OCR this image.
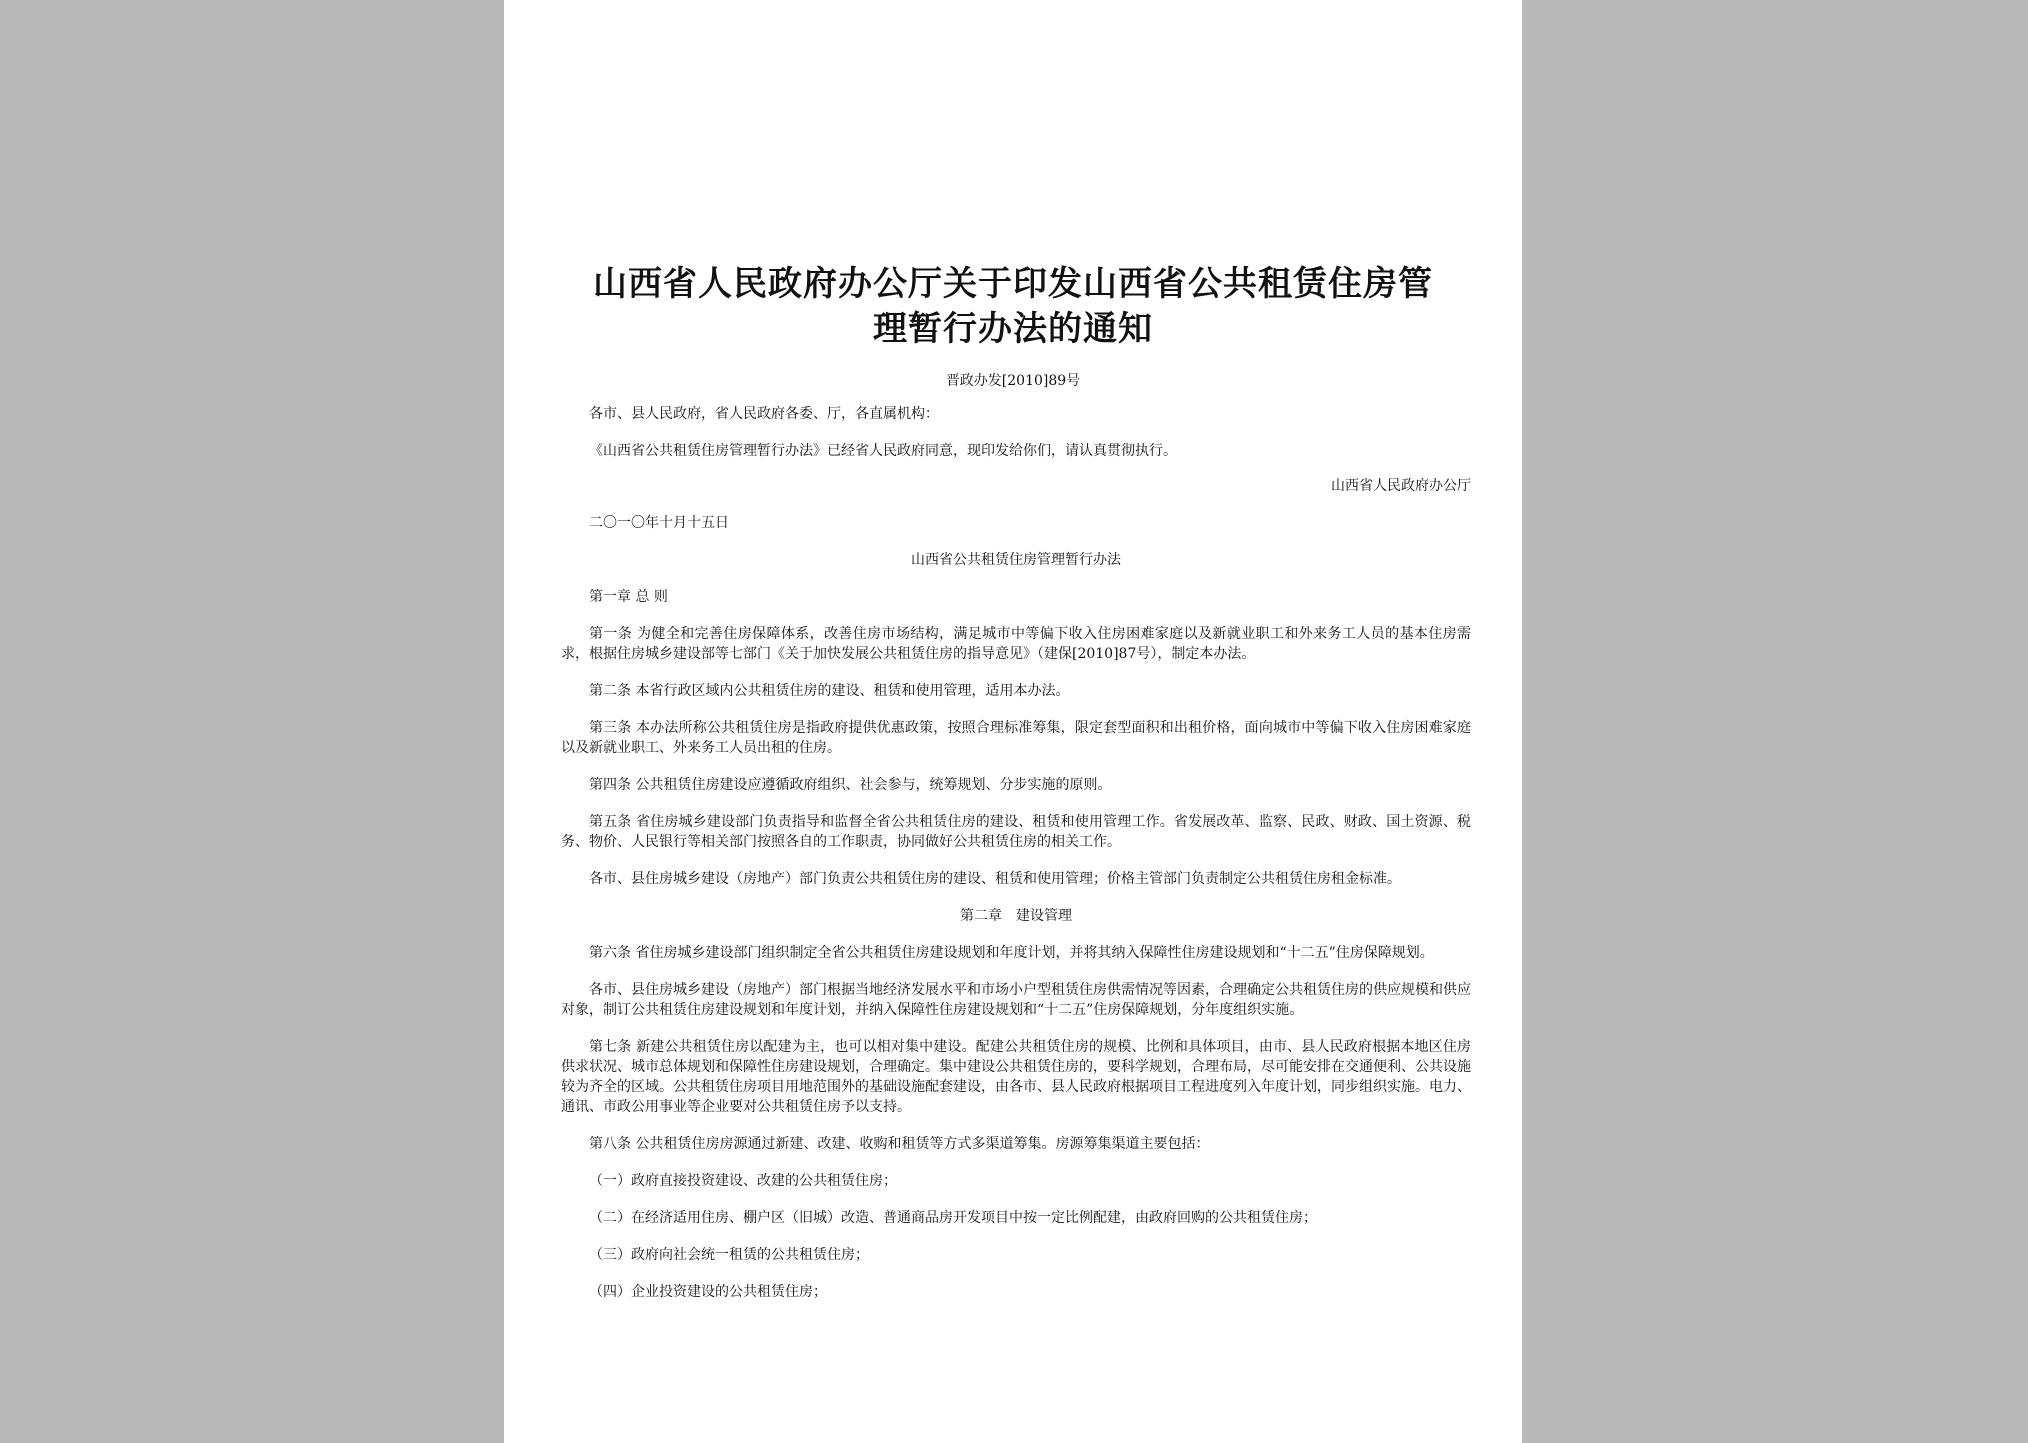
山西省人民政府办公厅关于印发山西省公共租赁住房管
理暂行办法的通知
晋政办发[2010]89号

各市、县人民政府，省人民政府各委、厅，各直属机构：

《山西省公共租赁住房管理暂行办法》已经省人民政府同意，现印发给你们，请认真贯彻执行。

山西省人民政府办公厅

二〇一〇年十月十五日

山西省公共租赁住房管理暂行办法

第一章 总 则

第一条 为健全和完善住房保障体系，改善住房市场结构，满足城市中等偏下收入住房困难家庭以及新就业职工和外来务工人员的基本住房需求，根据住房城乡建设部等七部门《关于加快发展公共租赁住房的指导意见》（建保[2010]87号），制定本办法。

第二条 本省行政区域内公共租赁住房的建设、租赁和使用管理，适用本办法。

第三条 本办法所称公共租赁住房是指政府提供优惠政策，按照合理标准筹集，限定套型面积和出租价格，面向城市中等偏下收入住房困难家庭以及新就业职工、外来务工人员出租的住房。

第四条 公共租赁住房建设应遵循政府组织、社会参与，统筹规划、分步实施的原则。

第五条 省住房城乡建设部门负责指导和监督全省公共租赁住房的建设、租赁和使用管理工作。省发展改革、监察、民政、财政、国土资源、税务、物价、人民银行等相关部门按照各自的工作职责，协同做好公共租赁住房的相关工作。

各市、县住房城乡建设（房地产）部门负责公共租赁住房的建设、租赁和使用管理；价格主管部门负责制定公共租赁住房租金标准。

第二章　建设管理

第六条 省住房城乡建设部门组织制定全省公共租赁住房建设规划和年度计划，并将其纳入保障性住房建设规划和“十二五”住房保障规划。

各市、县住房城乡建设（房地产）部门根据当地经济发展水平和市场小户型租赁住房供需情况等因素，合理确定公共租赁住房的供应规模和供应对象，制订公共租赁住房建设规划和年度计划，并纳入保障性住房建设规划和“十二五”住房保障规划，分年度组织实施。

第七条 新建公共租赁住房以配建为主，也可以相对集中建设。配建公共租赁住房的规模、比例和具体项目，由市、县人民政府根据本地区住房供求状况、城市总体规划和保障性住房建设规划，合理确定。集中建设公共租赁住房的，要科学规划，合理布局，尽可能安排在交通便利、公共设施较为齐全的区域。公共租赁住房项目用地范围外的基础设施配套建设，由各市、县人民政府根据项目工程进度列入年度计划，同步组织实施。电力、通讯、市政公用事业等企业要对公共租赁住房予以支持。

第八条 公共租赁住房房源通过新建、改建、收购和租赁等方式多渠道筹集。房源筹集渠道主要包括：

（一）政府直接投资建设、改建的公共租赁住房；

（二）在经济适用住房、棚户区（旧城）改造、普通商品房开发项目中按一定比例配建，由政府回购的公共租赁住房；

（三）政府向社会统一租赁的公共租赁住房；

（四）企业投资建设的公共租赁住房；
